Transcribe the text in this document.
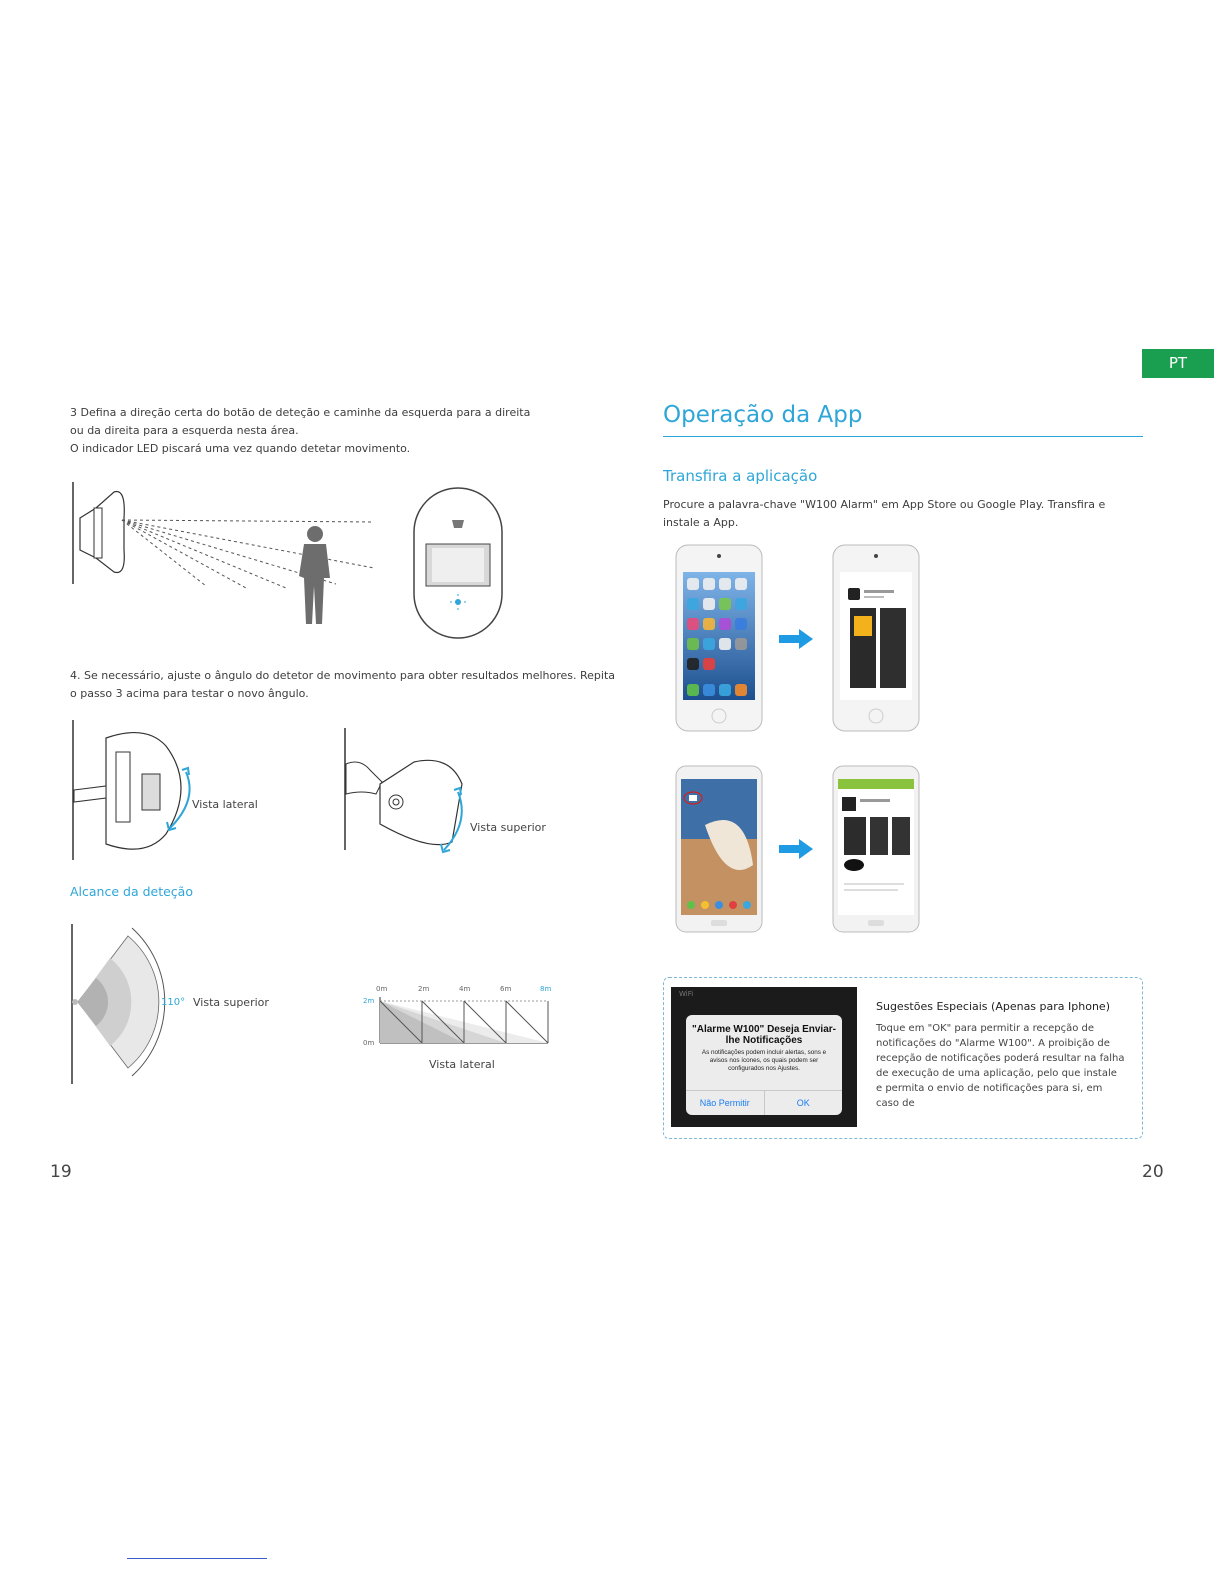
PT
3 Defina a direção certa do botão de deteção e caminhe da esquerda para a direita
ou da direita para a esquerda nesta área.
O indicador LED piscará uma vez quando detetar movimento.
4. Se necessário, ajuste o ângulo do detetor de movimento para obter resultados melhores. Repita
o passo 3 acima para testar o novo ângulo.
Vista lateral
Vista superior
Alcance da deteção
110° Vista superior
0m	2m	4m	6m	8m
2m
0m
Vista lateral
19
Operação da App
Transfira a aplicação
Procure a palavra-chave "W100 Alarm" em App Store ou Google Play. Transfira e
instale a App.
WiFi
"Alarme W100" Deseja Enviar-lhe Notificações
As notificações podem incluir alertas, sons e avisos nos ícones, os quais podem ser configurados nos Ajustes.
Não Permitir	OK
Sugestões Especiais (Apenas para Iphone)
Toque em "OK" para permitir a recepção de notificações do "Alarme W100". A proibição de recepção de notificações poderá resultar na falha de execução de uma aplicação, pelo que instale e permita o envio de notificações para si, em caso de
20
